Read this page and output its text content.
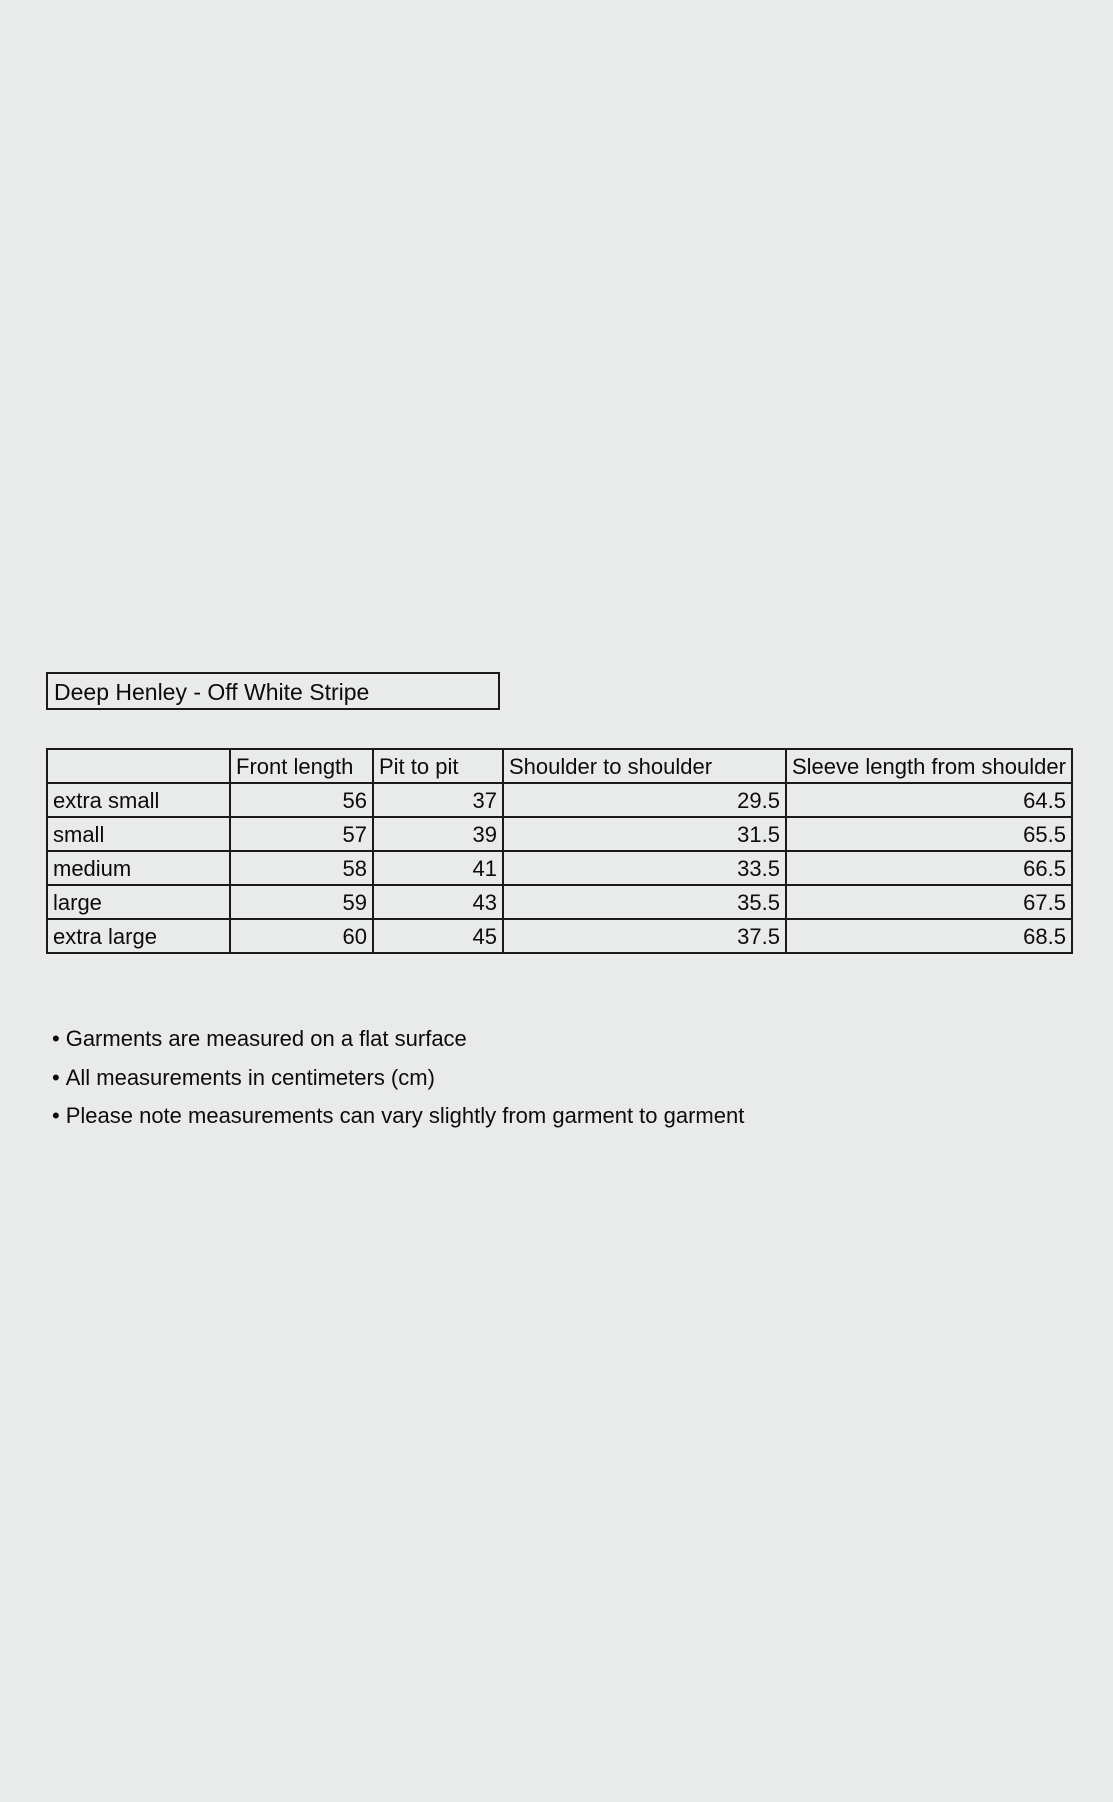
Deep Henley - Off White Stripe
	Front length	Pit to pit	Shoulder to shoulder	Sleeve length from shoulder
extra small	56	37	29.5	64.5
small	57	39	31.5	65.5
medium	58	41	33.5	66.5
large	59	43	35.5	67.5
extra large	60	45	37.5	68.5
• Garments are measured on a flat surface
• All measurements in centimeters (cm)
• Please note measurements can vary slightly from garment to garment
